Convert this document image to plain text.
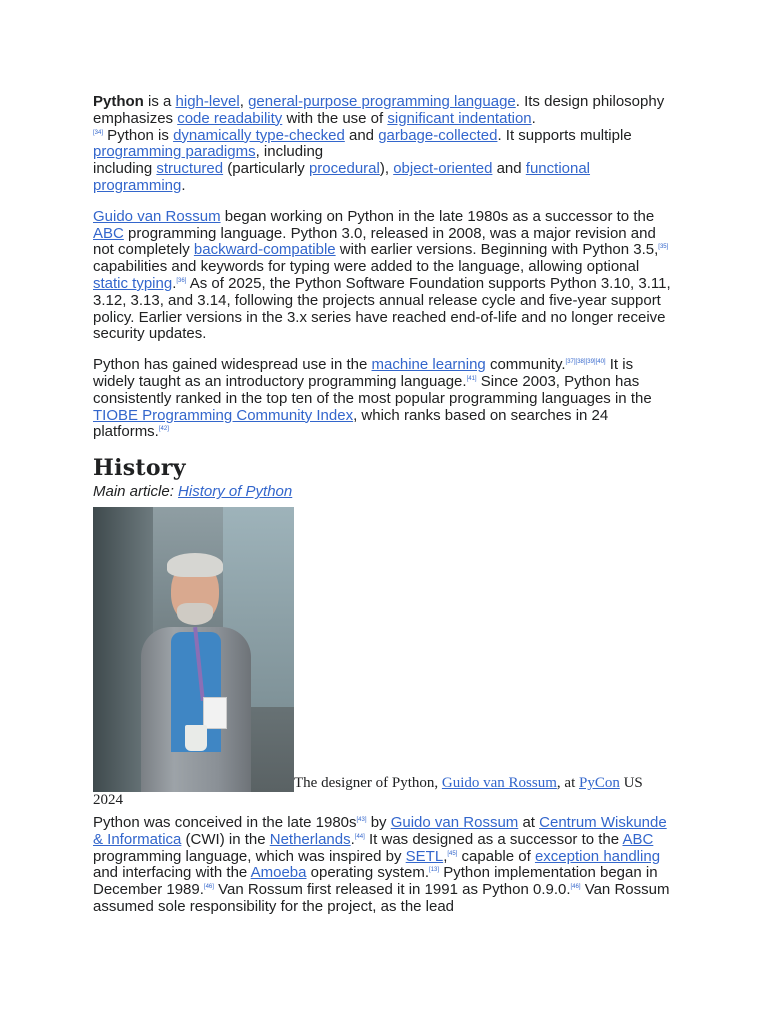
Python is a high-level, general-purpose programming language. Its design philosophy emphasizes code readability with the use of significant indentation.
[34] Python is dynamically type-checked and garbage-collected. It supports multiple programming paradigms, including
including structured (particularly procedural), object-oriented and functional programming.

Guido van Rossum began working on Python in the late 1980s as a successor to the ABC programming language. Python 3.0, released in 2008, was a major revision and not completely backward-compatible with earlier versions. Beginning with Python 3.5,[35] capabilities and keywords for typing were added to the language, allowing optional static typing.[36] As of 2025, the Python Software Foundation supports Python 3.10, 3.11, 3.12, 3.13, and 3.14, following the projects annual release cycle and five-year support policy. Earlier versions in the 3.x series have reached end-of-life and no longer receive security updates.

Python has gained widespread use in the machine learning community.[37][38][39][40] It is widely taught as an introductory programming language.[41] Since 2003, Python has consistently ranked in the top ten of the most popular programming languages in the TIOBE Programming Community Index, which ranks based on searches in 24 platforms.[42]

History
Main article: History of Python
The designer of Python, Guido van Rossum, at PyCon US 2024

Python was conceived in the late 1980s[43] by Guido van Rossum at Centrum Wiskunde & Informatica (CWI) in the Netherlands.[44] It was designed as a successor to the ABC programming language, which was inspired by SETL,[45] capable of exception handling and interfacing with the Amoeba operating system.[13] Python implementation began in December 1989.[46] Van Rossum first released it in 1991 as Python 0.9.0.[46] Van Rossum assumed sole responsibility for the project, as the lead
